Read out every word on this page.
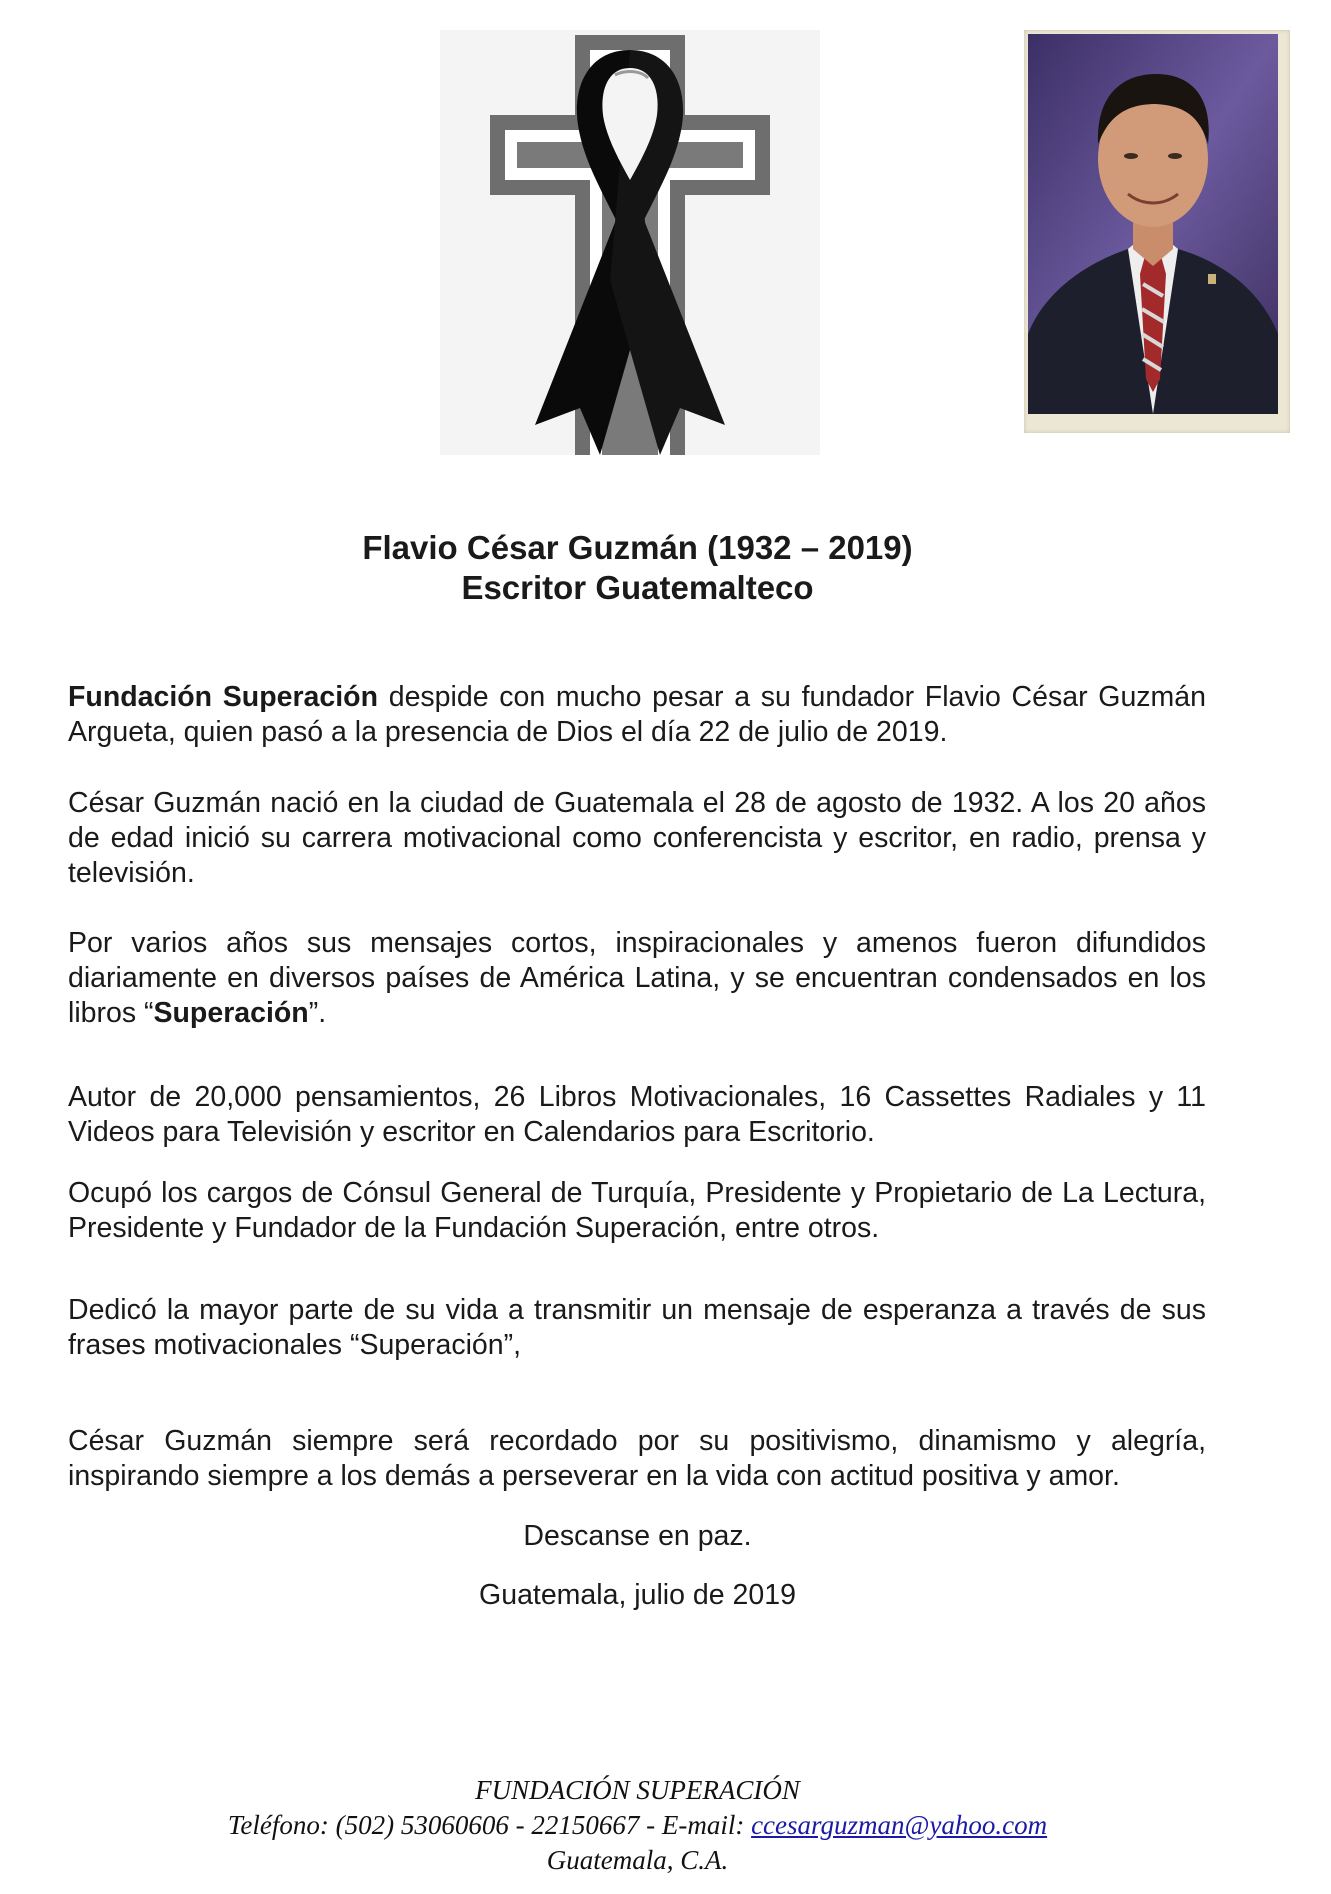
Flavio César Guzmán (1932 – 2019)
Escritor Guatemalteco
Fundación Superación despide con mucho pesar a su fundador Flavio César Guzmán Argueta, quien pasó a la presencia de Dios el día 22 de julio de 2019.
César Guzmán nació en la ciudad de Guatemala el 28 de agosto de 1932. A los 20 años de edad inició su carrera motivacional como conferencista y escritor, en radio, prensa y televisión.
Por varios años sus mensajes cortos, inspiracionales y amenos fueron difundidos diariamente en diversos países de América Latina, y se encuentran condensados en los libros “Superación”.
Autor de 20,000 pensamientos, 26 Libros Motivacionales, 16 Cassettes Radiales y 11 Videos para Televisión y escritor en Calendarios para Escritorio.
Ocupó los cargos de Cónsul General de Turquía, Presidente y Propietario de La Lectura, Presidente y Fundador de la Fundación Superación, entre otros.
Dedicó la mayor parte de su vida a transmitir un mensaje de esperanza a través de sus frases motivacionales “Superación”,
César Guzmán siempre será recordado por su positivismo, dinamismo y alegría, inspirando siempre a los demás a perseverar en la vida con actitud positiva y amor.
Descanse en paz.
Guatemala, julio de 2019
FUNDACIÓN SUPERACIÓN
Teléfono: (502) 53060606 - 22150667 - E-mail: ccesarguzman@yahoo.com
Guatemala, C.A.
